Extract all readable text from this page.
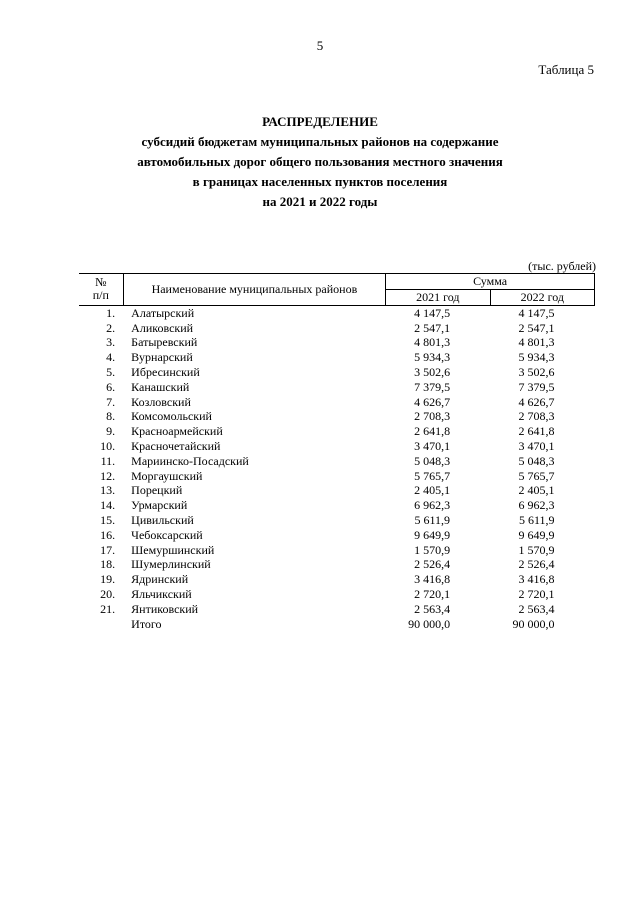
5
Таблица 5
РАСПРЕДЕЛЕНИЕ
субсидий бюджетам муниципальных районов на содержание
автомобильных дорог общего пользования местного значения
в границах населенных пунктов поселения
на 2021 и 2022 годы
(тыс. рублей)
№
п/п	Наименование муниципальных районов	Сумма	
		2021 год	2022 год
1.	Алатырский	4 147,5	4 147,5
2.	Аликовский	2 547,1	2 547,1
3.	Батыревский	4 801,3	4 801,3
4.	Вурнарский	5 934,3	5 934,3
5.	Ибресинский	3 502,6	3 502,6
6.	Канашский	7 379,5	7 379,5
7.	Козловский	4 626,7	4 626,7
8.	Комсомольский	2 708,3	2 708,3
9.	Красноармейский	2 641,8	2 641,8
10.	Красночетайский	3 470,1	3 470,1
11.	Мариинско-Посадский	5 048,3	5 048,3
12.	Моргаушский	5 765,7	5 765,7
13.	Порецкий	2 405,1	2 405,1
14.	Урмарский	6 962,3	6 962,3
15.	Цивильский	5 611,9	5 611,9
16.	Чебоксарский	9 649,9	9 649,9
17.	Шемуршинский	1 570,9	1 570,9
18.	Шумерлинский	2 526,4	2 526,4
19.	Ядринский	3 416,8	3 416,8
20.	Яльчикский	2 720,1	2 720,1
21.	Янтиковский	2 563,4	2 563,4
	Итого	90 000,0	90 000,0
